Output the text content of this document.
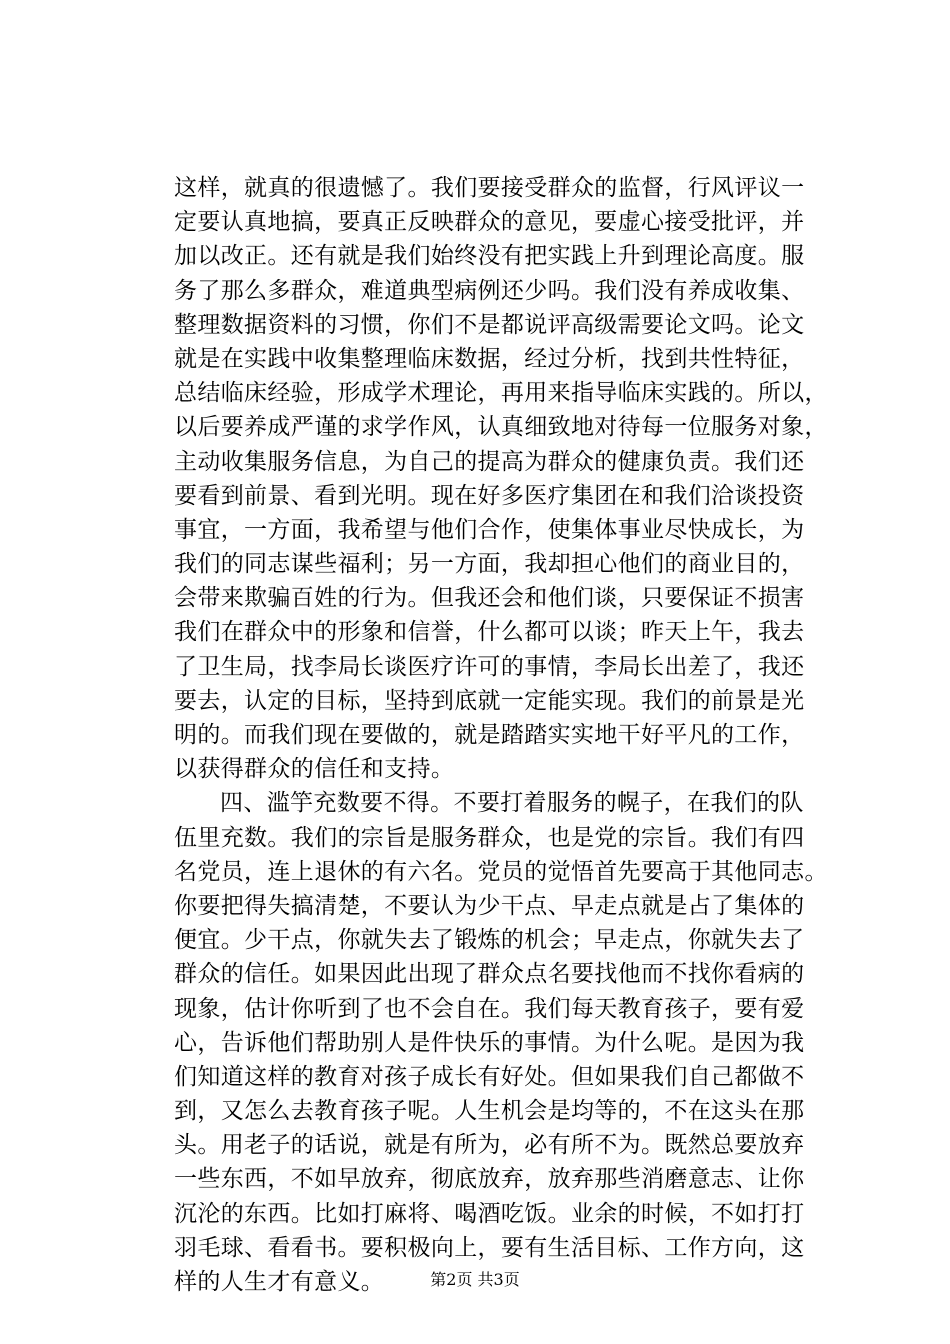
这样，就真的很遗憾了。我们要接受群众的监督，行风评议一
定要认真地搞，要真正反映群众的意见，要虚心接受批评，并
加以改正。还有就是我们始终没有把实践上升到理论高度。服
务了那么多群众，难道典型病例还少吗。我们没有养成收集、
整理数据资料的习惯，你们不是都说评高级需要论文吗。论文
就是在实践中收集整理临床数据，经过分析，找到共性特征，
总结临床经验，形成学术理论，再用来指导临床实践的。所以，
以后要养成严谨的求学作风，认真细致地对待每一位服务对象，
主动收集服务信息，为自己的提高为群众的健康负责。我们还
要看到前景、看到光明。现在好多医疗集团在和我们洽谈投资
事宜，一方面，我希望与他们合作，使集体事业尽快成长，为
我们的同志谋些福利；另一方面，我却担心他们的商业目的，
会带来欺骗百姓的行为。但我还会和他们谈，只要保证不损害
我们在群众中的形象和信誉，什么都可以谈；昨天上午，我去
了卫生局，找李局长谈医疗许可的事情，李局长出差了，我还
要去，认定的目标，坚持到底就一定能实现。我们的前景是光
明的。而我们现在要做的，就是踏踏实实地干好平凡的工作，
以获得群众的信任和支持。
四、滥竽充数要不得。不要打着服务的幌子，在我们的队
伍里充数。我们的宗旨是服务群众，也是党的宗旨。我们有四
名党员，连上退休的有六名。党员的觉悟首先要高于其他同志。
你要把得失搞清楚，不要认为少干点、早走点就是占了集体的
便宜。少干点，你就失去了锻炼的机会；早走点，你就失去了
群众的信任。如果因此出现了群众点名要找他而不找你看病的
现象，估计你听到了也不会自在。我们每天教育孩子，要有爱
心，告诉他们帮助别人是件快乐的事情。为什么呢。是因为我
们知道这样的教育对孩子成长有好处。但如果我们自己都做不
到，又怎么去教育孩子呢。人生机会是均等的，不在这头在那
头。用老子的话说，就是有所为，必有所不为。既然总要放弃
一些东西，不如早放弃，彻底放弃，放弃那些消磨意志、让你
沉沦的东西。比如打麻将、喝酒吃饭。业余的时候，不如打打
羽毛球、看看书。要积极向上，要有生活目标、工作方向，这
样的人生才有意义。	第2页 共3页
